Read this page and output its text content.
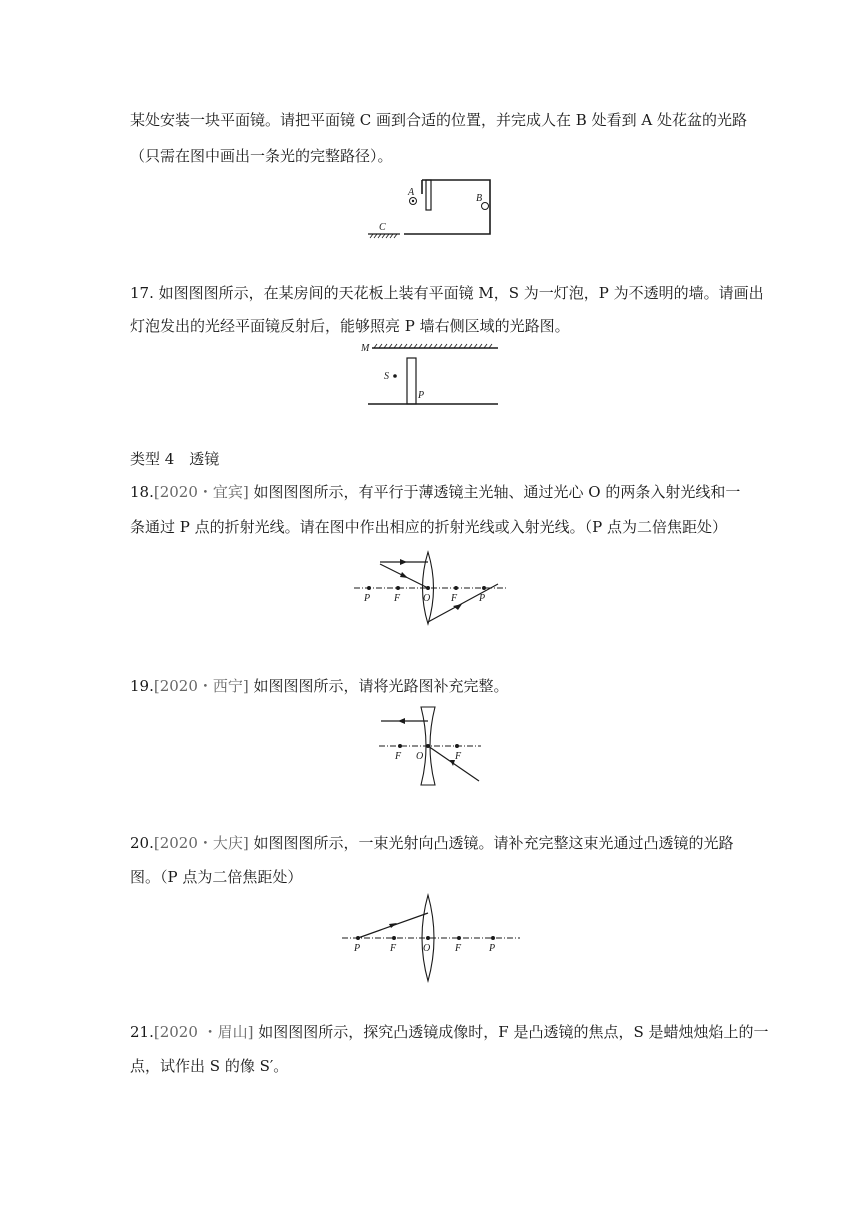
某处安装一块平面镜。请把平面镜 C 画到合适的位置，并完成人在 B 处看到 A 处花盆的光路
（只需在图中画出一条光的完整路径）。
A
B
C
17. 如图图图所示，在某房间的天花板上装有平面镜 M，S 为一灯泡，P 为不透明的墙。请画出
灯泡发出的光经平面镜反射后，能够照亮 P 墙右侧区域的光路图。
M
S
P
类型 4　透镜
18.[2020・宜宾] 如图图图所示，有平行于薄透镜主光轴、通过光心 O 的两条入射光线和一
条通过 P 点的折射光线。请在图中作出相应的折射光线或入射光线。（P 点为二倍焦距处）
P F O F P
19.[2020・西宁] 如图图图所示，请将光路图补充完整。
F O	F
20.[2020・大庆] 如图图图所示，一束光射向凸透镜。请补充完整这束光通过凸透镜的光路
图。（P 点为二倍焦距处）
P	F	O F	P
21.[2020 ・眉山] 如图图图所示，探究凸透镜成像时，F 是凸透镜的焦点，S 是蜡烛烛焰上的一
点，试作出 S 的像 S′。
